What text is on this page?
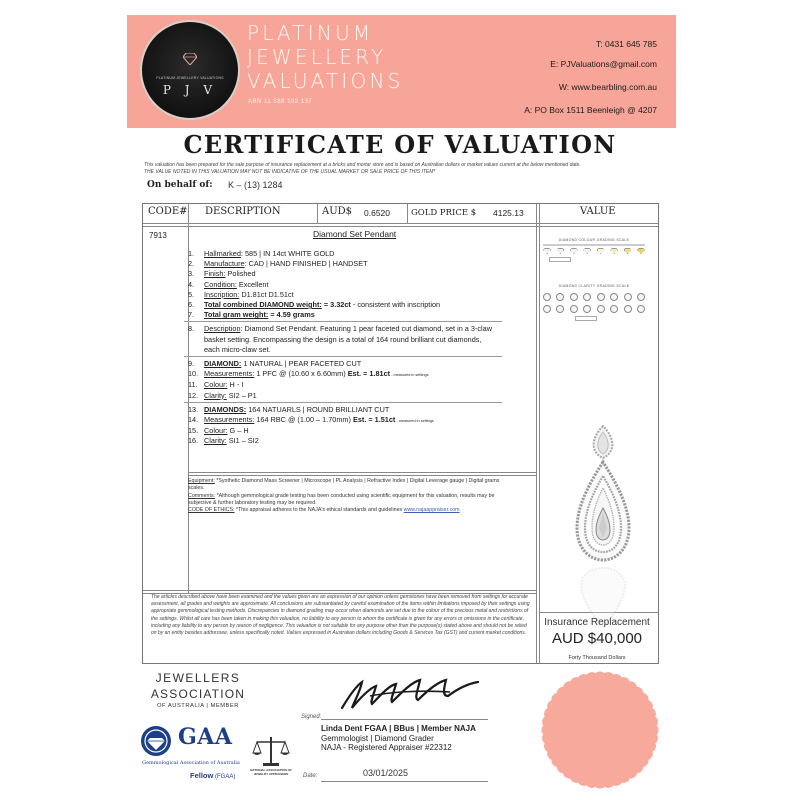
PLATINUM JEWELLERY VALUATIONS
P J V
PLATINUM
JEWELLERY
VALUATIONS
ABN 11 588 192 137
T: 0431 645 785
E: PJValuations@gmail.com
W: www.bearbling.com.au
A: PO Box 1511 Beenleigh @ 4207
CERTIFICATE OF VALUATION
This valuation has been prepared for the sale purpose of insurance replacement at a bricks and mortar store and is based on Australian dollars or market values current at the below mentioned date.
THE VALUE NOTED IN THIS VALUATION MAY NOT BE INDICATIVE OF THE USUAL MARKET OR SALE PRICE OF THIS ITEM*
On behalf of: K – (13) 1284
CODE# DESCRIPTION	AUD$ 0.6520 GOLD PRICE $ 4125.13	VALUE
7913	Diamond Set Pendant
1. Hallmarked: 585 | IN 14ct WHITE GOLD
2. Manufacture: CAD | HAND FINISHED | HANDSET
3. Finish: Polished
4. Condition: Excellent
5. Inscription: D1.81ct D1.51ct
6. Total combined DIAMOND weight: = 3.32ct - consistent with inscription
7. Total gram weight: = 4.59 grams
8. Description: Diamond Set Pendant. Featuring 1 pear faceted cut diamond, set in a 3-claw basket setting. Encompassing the design is a total of 164 round brilliant cut diamonds, each micro-claw set.
9. DIAMOND: 1 NATURAL | PEAR FACETED CUT
10. Measurements: 1 PFC @ (10.60 x 6.60mm) Est. = 1.81ct - measured in settings
11. Colour: H - I
12. Clarity: SI2 – P1
13. DIAMONDS: 164 NATUARLS | ROUND BRILLIANT CUT
14. Measurements: 164 RBC @ (1.00 – 1.70mm) Est. = 1.51ct - measured in settings
15. Colour: G – H
16. Clarity: SI1 – SI2
Equipment: *Synthetic Diamond Mass Screener | Microscope | PL Analysis | Refractive Index | Digital Leverage gauge | Digital grams scales.
Comments: *Although gemmological grade testing has been conducted using scientific equipment for this valuation, results may be subjective & further laboratory testing may be required.
CODE OF ETHICS: *This appraisal adheres to the NAJA's ethical standards and guidelines www.najaappraiser.com
DIAMOND COLOUR GRADING SCALE
DIAMOND CLARITY GRADING SCALE
The articles described above have been examined and the values given are an expression of our opinion unless gemstones have been removed from settings for accurate assessment, all grades and weights are approximate. All conclusions are substantiated by careful examination of the items within limitations imposed by their settings using appropriate gemmological testing methods. Discrepancies in diamond grading may occur when diamonds are set due to the colour of the precious metal and restrictions of the settings. Whilst all care has been taken in making this valuation, no liability to any person to whom the certificate is given for any errors or omissions in the certificate, including any liability to any person by reason of negligence. This valuation is not suitable for any purpose other than the purpose(s) stated above and should not be relied on by an entity besides addressee, unless specifically noted. Values expressed in Australian dollars including Goods & Services Tax (GST) and current market conditions.
Insurance Replacement
AUD $40,000
Forty Thousand Dollars
JEWELLERS
ASSOCIATION
OF AUSTRALIA | MEMBER
GAA
Gemmological Association of Australia
Fellow (FGAA)
NATIONAL ASSOCIATION OF JEWELRY APPRAISERS
Signed:
Linda Dent FGAA | BBus | Member NAJA
Gemmologist | Diamond Grader
NAJA - Registered Appraiser #22312
Date:	03/01/2025
